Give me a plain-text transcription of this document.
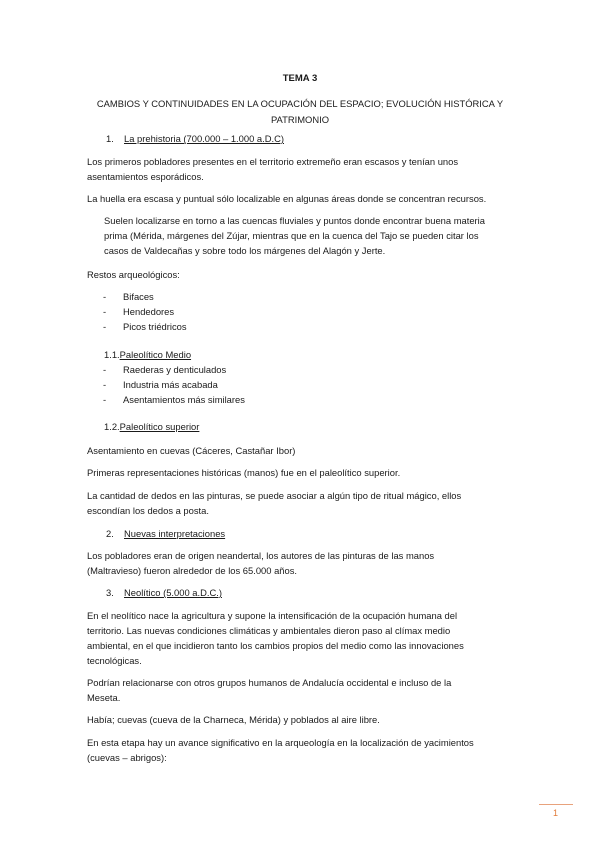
TEMA 3
CAMBIOS Y CONTINUIDADES EN LA OCUPACIÓN DEL ESPACIO; EVOLUCIÓN HISTÓRICA Y
PATRIMONIO
1. La prehistoria (700.000 – 1.000 a.D.C)
Los primeros pobladores presentes en el territorio extremeño eran escasos y tenían unos
asentamientos esporádicos.
La huella era escasa y puntual sólo localizable en algunas áreas donde se concentran recursos.
Suelen localizarse en torno a las cuencas fluviales y puntos donde encontrar buena materia
prima (Mérida, márgenes del Zújar, mientras que en la cuenca del Tajo se pueden citar los
casos de Valdecañas y sobre todo los márgenes del Alagón y Jerte.
Restos arqueológicos:
- Bifaces
- Hendedores
- Picos triédricos
1.1.Paleolítico Medio
- Raederas y denticulados
- Industria más acabada
- Asentamientos más similares
1.2.Paleolítico superior
Asentamiento en cuevas (Cáceres, Castañar Ibor)
Primeras representaciones históricas (manos) fue en el paleolítico superior.
La cantidad de dedos en las pinturas, se puede asociar a algún tipo de ritual mágico, ellos
escondían los dedos a posta.
2. Nuevas interpretaciones
Los pobladores eran de origen neandertal, los autores de las pinturas de las manos
(Maltravieso) fueron alrededor de los 65.000 años.
3. Neolítico (5.000 a.D.C.)
En el neolítico nace la agricultura y supone la intensificación de la ocupación humana del
territorio. Las nuevas condiciones climáticas y ambientales dieron paso al clímax medio
ambiental, en el que incidieron tanto los cambios propios del medio como las innovaciones
tecnológicas.
Podrían relacionarse con otros grupos humanos de Andalucía occidental e incluso de la
Meseta.
Había; cuevas (cueva de la Charneca, Mérida) y poblados al aire libre.
En esta etapa hay un avance significativo en la arqueología en la localización de yacimientos
(cuevas – abrigos):
1
